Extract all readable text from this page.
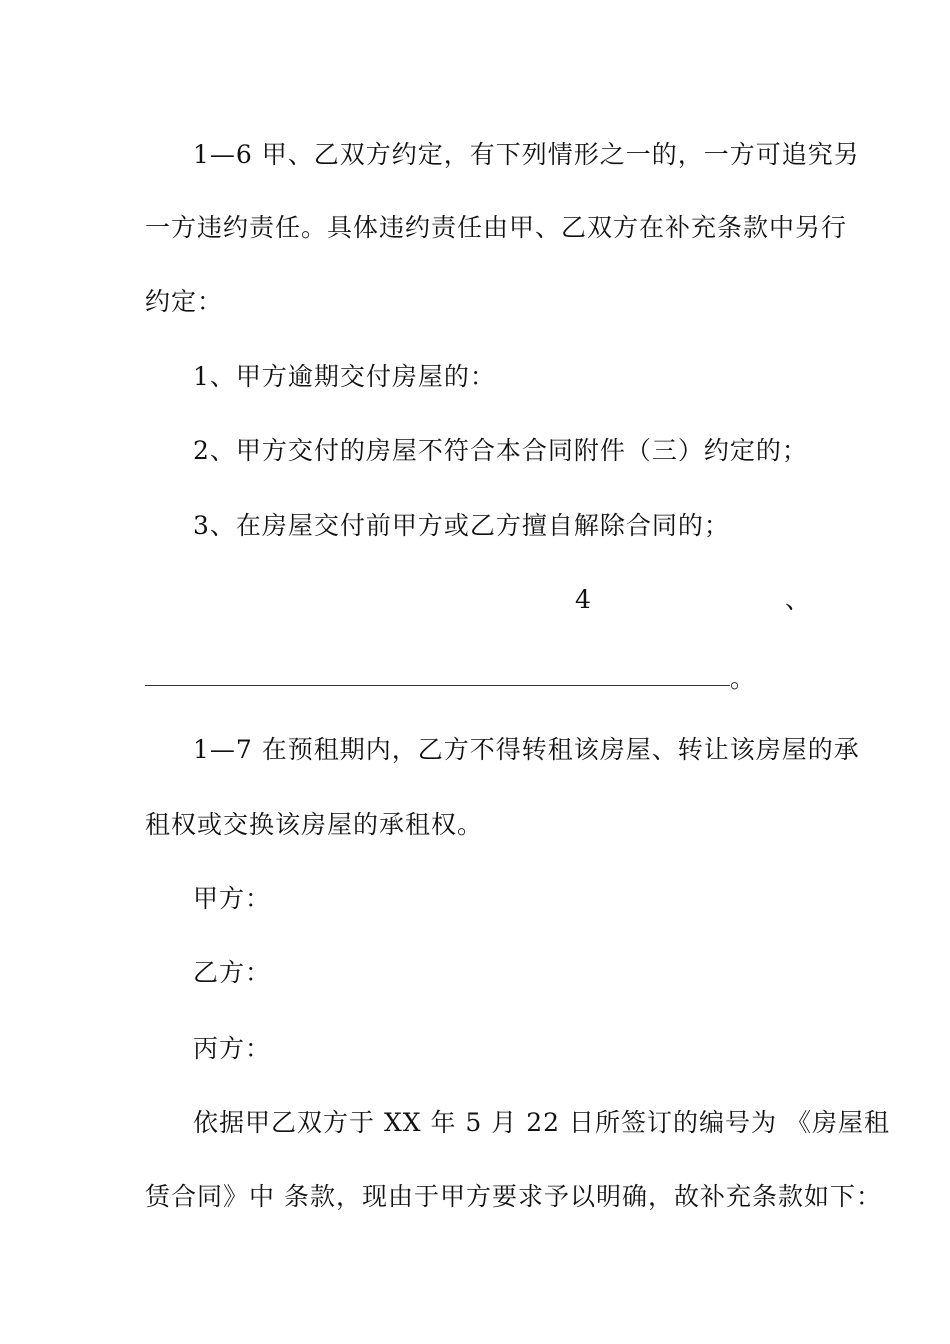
1—6 甲、乙双方约定，有下列情形之一的，一方可追究另
一方违约责任。具体违约责任由甲、乙双方在补充条款中另行
约定：
1、甲方逾期交付房屋的：
2、甲方交付的房屋不符合本合同附件（三）约定的；
3、在房屋交付前甲方或乙方擅自解除合同的；
4	、
。
1—7 在预租期内，乙方不得转租该房屋、转让该房屋的承
租权或交换该房屋的承租权。
甲方：
乙方：
丙方：
依据甲乙双方于 XX 年 5 月 22 日所签订的编号为 《房屋租
赁合同》中 条款，现由于甲方要求予以明确，故补充条款如下：
